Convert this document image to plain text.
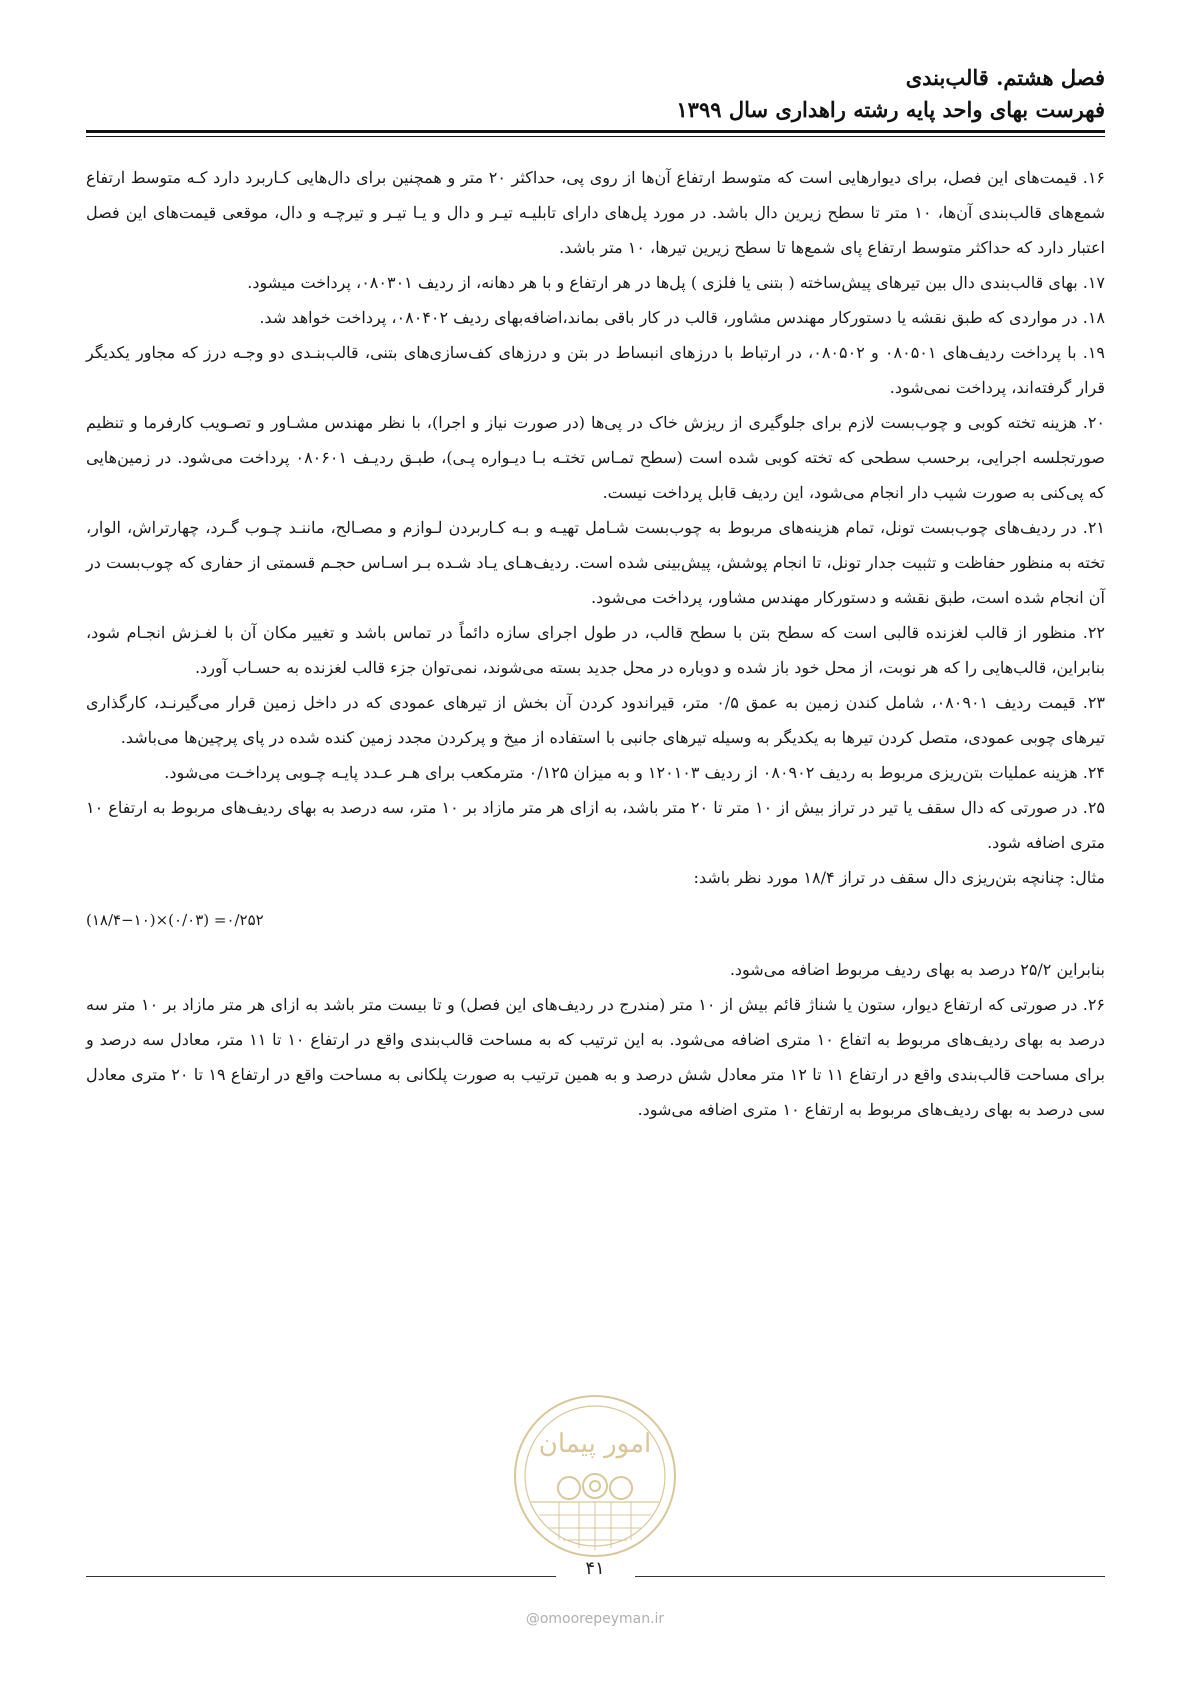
فصل هشتم. قالب‌بندی
فهرست بهای واحد پایه رشته راهداری سال ۱۳۹۹

۱۶. قیمت‌های این فصل، برای دیوارهایی است که متوسط ارتفاع آن‌ها از روی پی، حداکثر ۲۰ متر و همچنین برای دال‌هایی کـاربرد دارد کـه متوسط ارتفاع شمع‌های قالب‌بندی آن‌ها، ۱۰ متر تا سطح زیرین دال باشد. در مورد پل‌های دارای تابلیـه تیـر و دال و یـا تیـر و تیرچـه و دال، موقعی قیمت‌های این فصل اعتبار دارد که حداکثر متوسط ارتفاع پای شمع‌ها تا سطح زیرین تیرها، ۱۰ متر باشد.

۱۷. بهای قالب‌بندی دال بین تیرهای پیش‌ساخته ( بتنی یا فلزی ) پل‌ها در هر ارتفاع و با هر دهانه، از ردیف ۰۸۰۳۰۱، پرداخت میشود.

۱۸. در مواردی که طبق نقشه یا دستورکار مهندس مشاور، قالب در کار باقی بماند،اضافه‌بهای ردیف ۰۸۰۴۰۲، پرداخت خواهد شد.

۱۹. با پرداخت ردیف‌های ۰۸۰۵۰۱ و ۰۸۰۵۰۲، در ارتباط با درزهای انبساط در بتن و درزهای کف‌سازی‌های بتنی، قالب‌بنـدی دو وجـه درز که مجاور یکدیگر قرار گرفته‌اند، پرداخت نمی‌شود.

۲۰. هزینه تخته کوبی و چوب‌بست لازم برای جلوگیری از ریزش خاک در پی‌ها (در صورت نیاز و اجرا)، با نظر مهندس مشـاور و تصـویب کارفرما و تنظیم صورتجلسه اجرایی، برحسب سطحی که تخته کوبی شده است (سطح تمـاس تختـه بـا دیـواره پـی)، طبـق ردیـف ۰۸۰۶۰۱ پرداخت می‌شود. در زمین‌هایی که پی‌کنی به صورت شیب دار انجام می‌شود، این ردیف قابل پرداخت نیست.

۲۱. در ردیف‌های چوب‌بست تونل، تمام هزینه‌های مربوط به چوب‌بست شـامل تهیـه و بـه کـاربردن لـوازم و مصـالح، ماننـد چـوب گـرد، چهارتراش، الوار، تخته به منظور حفاظت و تثبیت جدار تونل، تا انجام پوشش، پیش‌بینی شده است. ردیف‌هـای یـاد شـده بـر اسـاس حجـم قسمتی از حفاری که چوب‌بست در آن انجام شده است، طبق نقشه و دستورکار مهندس مشاور، پرداخت می‌شود.

۲۲. منظور از قالب لغزنده قالبی است که سطح بتن با سطح قالب، در طول اجرای سازه دائماً در تماس باشد و تغییر مکان آن با لغـزش انجـام شود، بنابراین، قالب‌هایی را که هر نوبت، از محل خود باز شده و دوباره در محل جدید بسته می‌شوند، نمی‌توان جزء قالب لغزنده به حسـاب آورد.

۲۳. قیمت ردیف ۰۸۰۹۰۱، شامل کندن زمین به عمق ۰/۵ متر، قیراندود کردن آن بخش از تیرهای عمودی که در داخل زمین قرار می‌گیرنـد، کارگذاری تیرهای چوبی عمودی، متصل کردن تیرها به یکدیگر به وسیله تیرهای جانبی با استفاده از میخ و پرکردن مجدد زمین کنده شده در پای پرچین‌ها می‌باشد.

۲۴. هزینه عملیات بتن‌ریزی مربوط به ردیف ۰۸۰۹۰۲ از ردیف ۱۲۰۱۰۳ و به میزان ۰/۱۲۵ مترمکعب برای هـر عـدد پایـه چـوبی پرداخـت می‌شود.

۲۵. در صورتی که دال سقف یا تیر در تراز بیش از ۱۰ متر تا ۲۰ متر باشد، به ازای هر متر مازاد بر ۱۰ متر، سه درصد به بهای ردیف‌های مربوط به ارتفاع ۱۰ متری اضافه شود.

مثال: چنانچه بتن‌ریزی دال سقف در تراز ۱۸/۴ مورد نظر باشد:

(۱۸/۴−۱۰)×(۰/۰۳) =۰/۲۵۲

بنابراین ۲۵/۲ درصد به بهای ردیف مربوط اضافه می‌شود.

۲۶. در صورتی که ارتفاع دیوار، ستون یا شناژ قائم بیش از ۱۰ متر (مندرج در ردیف‌های این فصل) و تا بیست متر باشد به ازای هر متر مازاد بر ۱۰ متر سه درصد به بهای ردیف‌های مربوط به اتفاع ۱۰ متری اضافه می‌شود. به این ترتیب که به مساحت قالب‌بندی واقع در ارتفاع ۱۰ تا ۱۱ متر، معادل سه درصد و برای مساحت قالب‌بندی واقع در ارتفاع ۱۱ تا ۱۲ متر معادل شش درصد و به همین ترتیب به صورت پلکانی به مساحت واقع در ارتفاع ۱۹ تا ۲۰ متری معادل سی درصد به بهای ردیف‌های مربوط به ارتفاع ۱۰ متری اضافه می‌شود.

امور پیمان
۴۱
@omoorepeyman.ir
